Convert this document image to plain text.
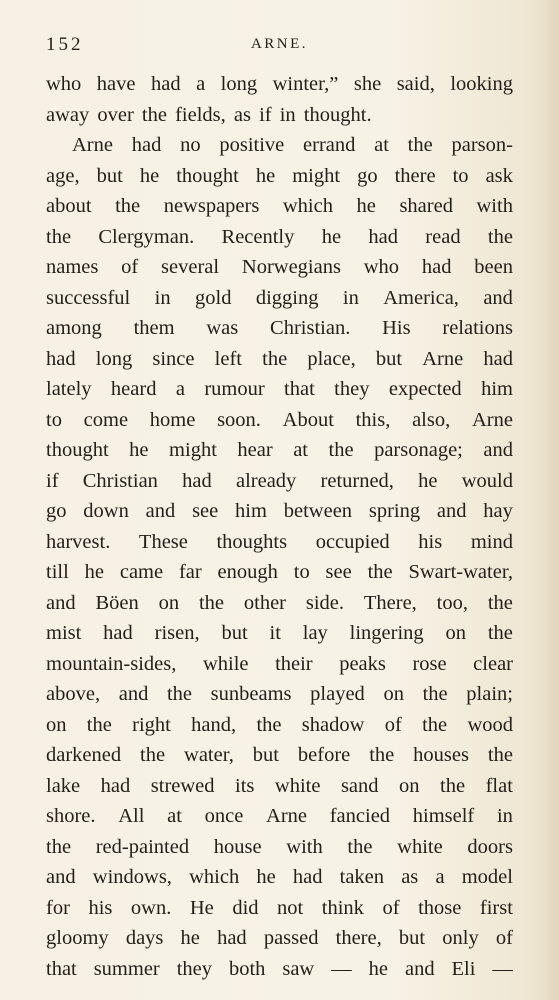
152	ARNE.
who have had a long winter,” she said, looking
away over the fields, as if in thought.
Arne had no positive errand at the parson-
age, but he thought he might go there to ask
about the newspapers which he shared with
the Clergyman. Recently he had read the
names of several Norwegians who had been
successful in gold digging in America, and
among them was Christian. His relations
had long since left the place, but Arne had
lately heard a rumour that they expected him
to come home soon. About this, also, Arne
thought he might hear at the parsonage; and
if Christian had already returned, he would
go down and see him between spring and hay
harvest. These thoughts occupied his mind
till he came far enough to see the Swart-water,
and Böen on the other side. There, too, the
mist had risen, but it lay lingering on the
mountain-sides, while their peaks rose clear
above, and the sunbeams played on the plain;
on the right hand, the shadow of the wood
darkened the water, but before the houses the
lake had strewed its white sand on the flat
shore. All at once Arne fancied himself in
the red-painted house with the white doors
and windows, which he had taken as a model
for his own. He did not think of those first
gloomy days he had passed there, but only of
that summer they both saw — he and Eli —
